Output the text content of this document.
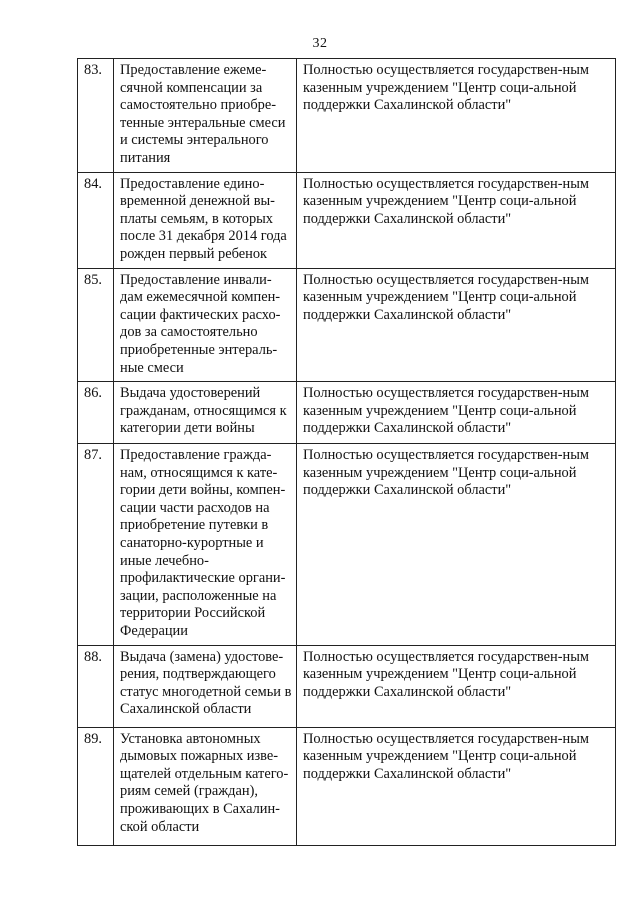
32
83.	Предоставление ежеме-сячной компенсации за самостоятельно приобре-тенные энтеральные смеси и системы энтерального питания	Полностью осуществляется государствен-ным казенным учреждением "Центр соци-альной поддержки Сахалинской области"
84.	Предоставление едино-временной денежной вы-платы семьям, в которых после 31 декабря 2014 года рожден первый ребенок	Полностью осуществляется государствен-ным казенным учреждением "Центр соци-альной поддержки Сахалинской области"
85.	Предоставление инвали-дам ежемесячной компен-сации фактических расхо-дов за самостоятельно приобретенные энтераль-ные смеси	Полностью осуществляется государствен-ным казенным учреждением "Центр соци-альной поддержки Сахалинской области"
86.	Выдача удостоверений гражданам, относящимся к категории дети войны	Полностью осуществляется государствен-ным казенным учреждением "Центр соци-альной поддержки Сахалинской области"
87.	Предоставление гражда-нам, относящимся к кате-гории дети войны, компен-сации части расходов на приобретение путевки в санаторно-курортные и иные лечебно-профилактические органи-зации, расположенные на территории Российской Федерации	Полностью осуществляется государствен-ным казенным учреждением "Центр соци-альной поддержки Сахалинской области"
88.	Выдача (замена) удостове-рения, подтверждающего статус многодетной семьи в Сахалинской области	Полностью осуществляется государствен-ным казенным учреждением "Центр соци-альной поддержки Сахалинской области"
89.	Установка автономных дымовых пожарных изве-щателей отдельным катего-риям семей (граждан), проживающих в Сахалин-ской области	Полностью осуществляется государствен-ным казенным учреждением "Центр соци-альной поддержки Сахалинской области"
